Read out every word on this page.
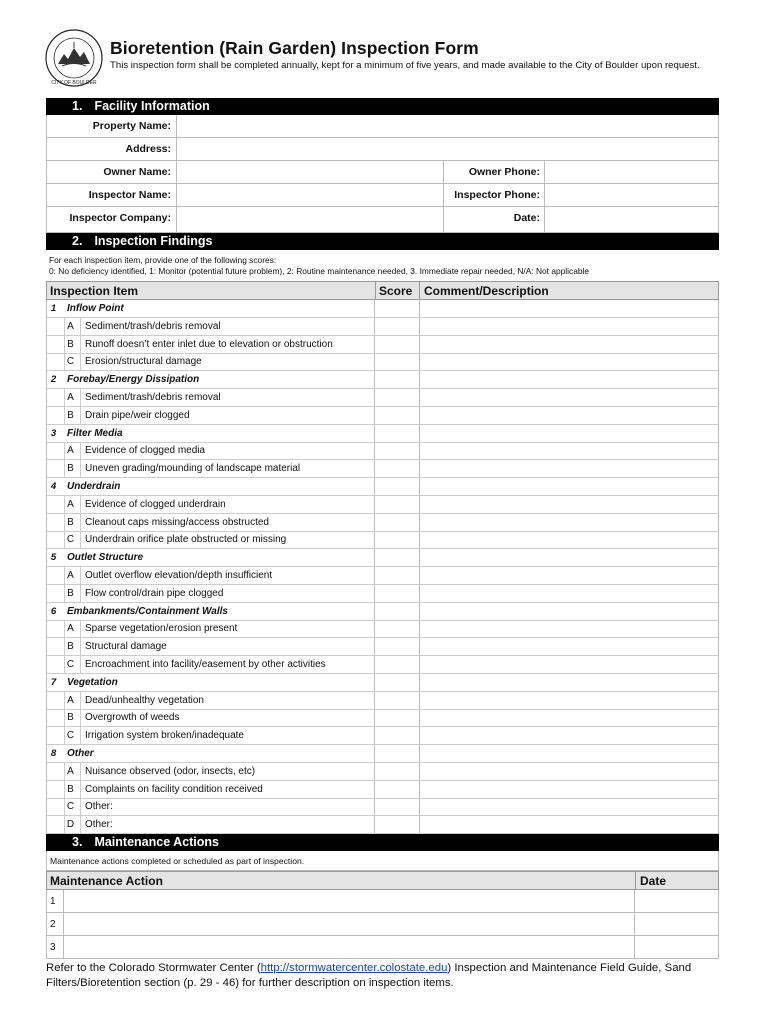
CITY OF BOULDER
Bioretention (Rain Garden) Inspection Form
This inspection form shall be completed annually, kept for a minimum of five years, and made available to the City of Boulder upon request.
1. Facility Information
Property Name:
Address:
Owner Name:	Owner Phone:
Inspector Name:	Inspector Phone:
Inspector Company:	Date:
2. Inspection Findings
For each inspection item, provide one of the following scores:
0: No deficiency identified, 1: Monitor (potential future problem), 2: Routine maintenance needed, 3. Immediate repair needed, N/A: Not applicable
Inspection Item	Score Comment/Description
1	Inflow Point
A	Sediment/trash/debris removal
B	Runoff doesn’t enter inlet due to elevation or obstruction
C	Erosion/structural damage
2	Forebay/Energy Dissipation
A	Sediment/trash/debris removal
B	Drain pipe/weir clogged
3	Filter Media
A	Evidence of clogged media
B	Uneven grading/mounding of landscape material
4	Underdrain
A	Evidence of clogged underdrain
B	Cleanout caps missing/access obstructed
C	Underdrain orifice plate obstructed or missing
5	Outlet Structure
A	Outlet overflow elevation/depth insufficient
B	Flow control/drain pipe clogged
6	Embankments/Containment Walls
A	Sparse vegetation/erosion present
B	Structural damage
C	Encroachment into facility/easement by other activities
7	Vegetation
A	Dead/unhealthy vegetation
B	Overgrowth of weeds
C	Irrigation system broken/inadequate
8	Other
A	Nuisance observed (odor, insects, etc)
B	Complaints on facility condition received
C	Other:
D	Other:
3. Maintenance Actions
Maintenance actions completed or scheduled as part of inspection.
Maintenance Action	Date
1
2
3
Refer to the Colorado Stormwater Center (http://stormwatercenter.colostate.edu) Inspection and Maintenance Field Guide, Sand Filters/Bioretention section (p. 29 - 46) for further description on inspection items.
